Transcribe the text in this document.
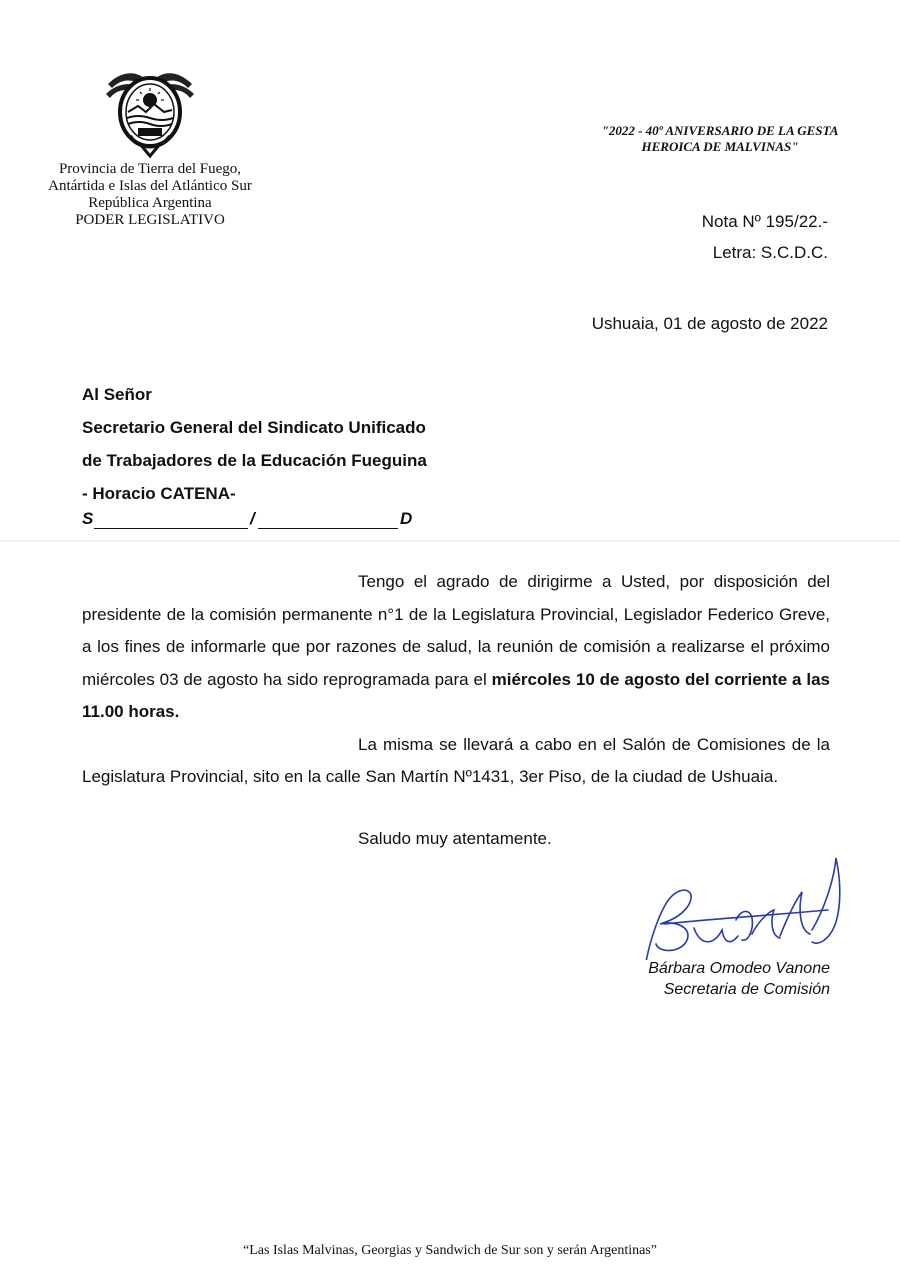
Provincia de Tierra del Fuego,
Antártida e Islas del Atlántico Sur
República Argentina
PODER LEGISLATIVO
"2022 - 40º ANIVERSARIO DE LA GESTA
HEROICA DE MALVINAS"
Nota Nº 195/22.-
Letra: S.C.D.C.
Ushuaia, 01 de agosto de 2022
Al Señor
Secretario General del Sindicato Unificado
de Trabajadores de la Educación Fueguina
- Horacio CATENA-
S	/	D

Tengo el agrado de dirigirme a Usted, por disposición del presidente de la comisión permanente n°1 de la Legislatura Provincial, Legislador Federico Greve, a los fines de informarle que por razones de salud, la reunión de comisión a realizarse el próximo miércoles 03 de agosto ha sido reprogramada para el miércoles 10 de agosto del corriente a las 11.00 horas.

La misma se llevará a cabo en el Salón de Comisiones de la Legislatura Provincial, sito en la calle San Martín Nº1431, 3er Piso, de la ciudad de Ushuaia.

Saludo muy atentamente.
Bárbara Omodeo Vanone
Secretaria de Comisión
“Las Islas Malvinas, Georgias y Sandwich de Sur son y serán Argentinas”
